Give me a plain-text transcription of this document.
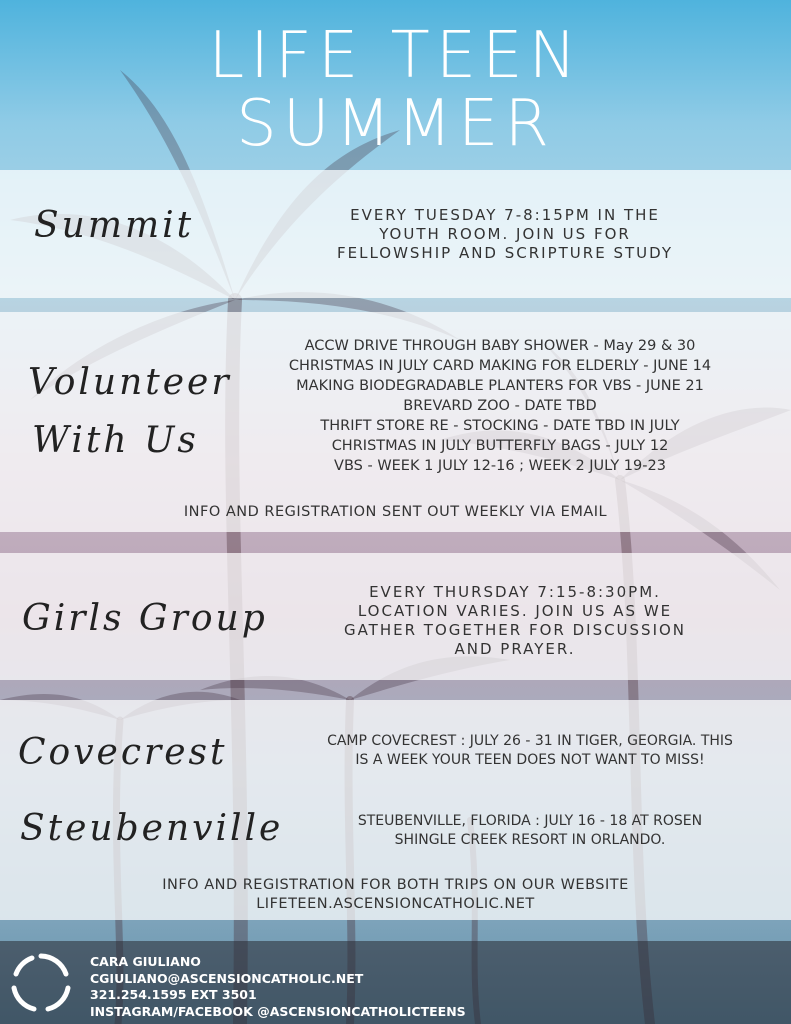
LIFE TEEN
SUMMER
Summit	EVERY TUESDAY 7-8:15PM IN THE
YOUTH ROOM. JOIN US FOR
FELLOWSHIP AND SCRIPTURE STUDY
Volunteer
With Us
ACCW DRIVE THROUGH BABY SHOWER - May 29 & 30
CHRISTMAS IN JULY CARD MAKING FOR ELDERLY - JUNE 14
MAKING BIODEGRADABLE PLANTERS FOR VBS - JUNE 21
BREVARD ZOO - DATE TBD
THRIFT STORE RE - STOCKING - DATE TBD IN JULY
CHRISTMAS IN JULY BUTTERFLY BAGS - JULY 12
VBS - WEEK 1 JULY 12-16 ; WEEK 2 JULY 19-23
INFO AND REGISTRATION SENT OUT WEEKLY VIA EMAIL
Girls Group
EVERY THURSDAY 7:15-8:30PM.
LOCATION VARIES. JOIN US AS WE
GATHER TOGETHER FOR DISCUSSION
AND PRAYER.
Covecrest	CAMP COVECREST : JULY 26 - 31 IN TIGER, GEORGIA. THIS
IS A WEEK YOUR TEEN DOES NOT WANT TO MISS!
Steubenville	STEUBENVILLE, FLORIDA : JULY 16 - 18 AT ROSEN
SHINGLE CREEK RESORT IN ORLANDO.
INFO AND REGISTRATION FOR BOTH TRIPS ON OUR WEBSITE
LIFETEEN.ASCENSIONCATHOLIC.NET
CARA GIULIANO
CGIULIANO@ASCENSIONCATHOLIC.NET
321.254.1595 EXT 3501
INSTAGRAM/FACEBOOK @ASCENSIONCATHOLICTEENS
